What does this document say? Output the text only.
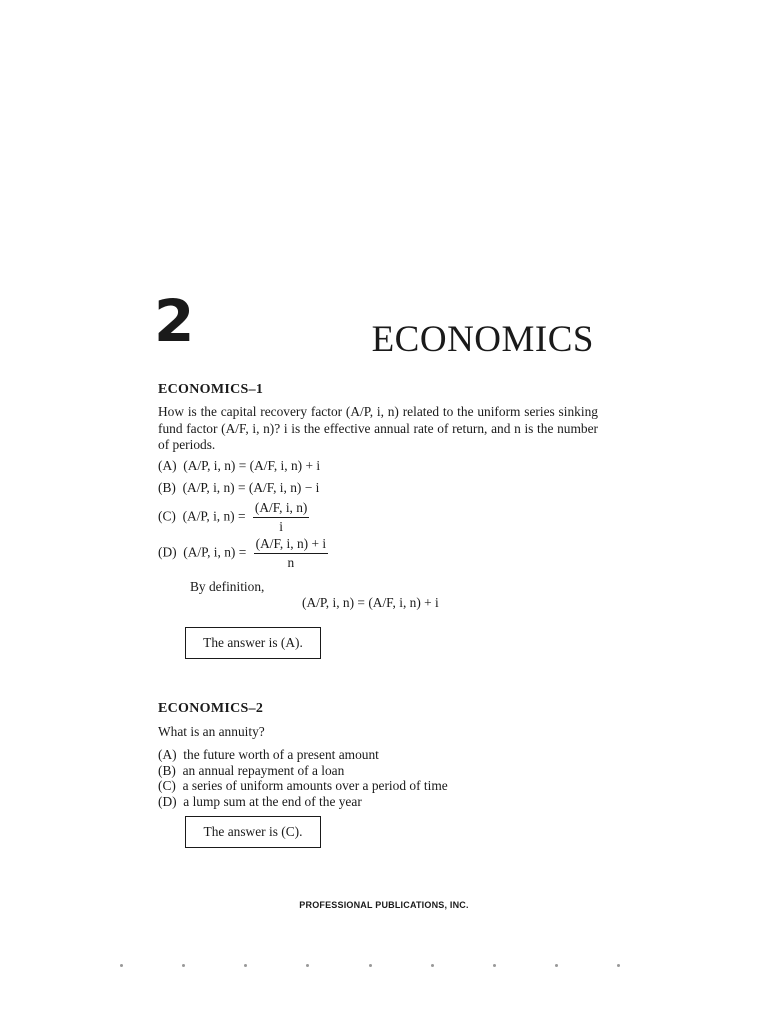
2	ECONOMICS
ECONOMICS–1
How is the capital recovery factor (A/P, i, n) related to the uniform series sinking fund factor (A/F, i, n)? i is the effective annual rate of return, and n is the number of periods.
(A) (A/P, i, n) = (A/F, i, n) + i
(B) (A/P, i, n) = (A/F, i, n) − i
(C) (A/P, i, $n) = \frac{(A/F, i, n)}{i}$
(D) (A/P, i, $n) = \frac{(A/F, i, n) + i}{n}$
By definition,
(A/P, i, n) = (A/F, i, n) + i
The answer is (A).
ECONOMICS–2
What is an annuity?
(A) the future worth of a present amount
(B) an annual repayment of a loan
(C) a series of uniform amounts over a period of time
(D) a lump sum at the end of the year
The answer is (C).
PROFESSIONAL PUBLICATIONS, INC.
